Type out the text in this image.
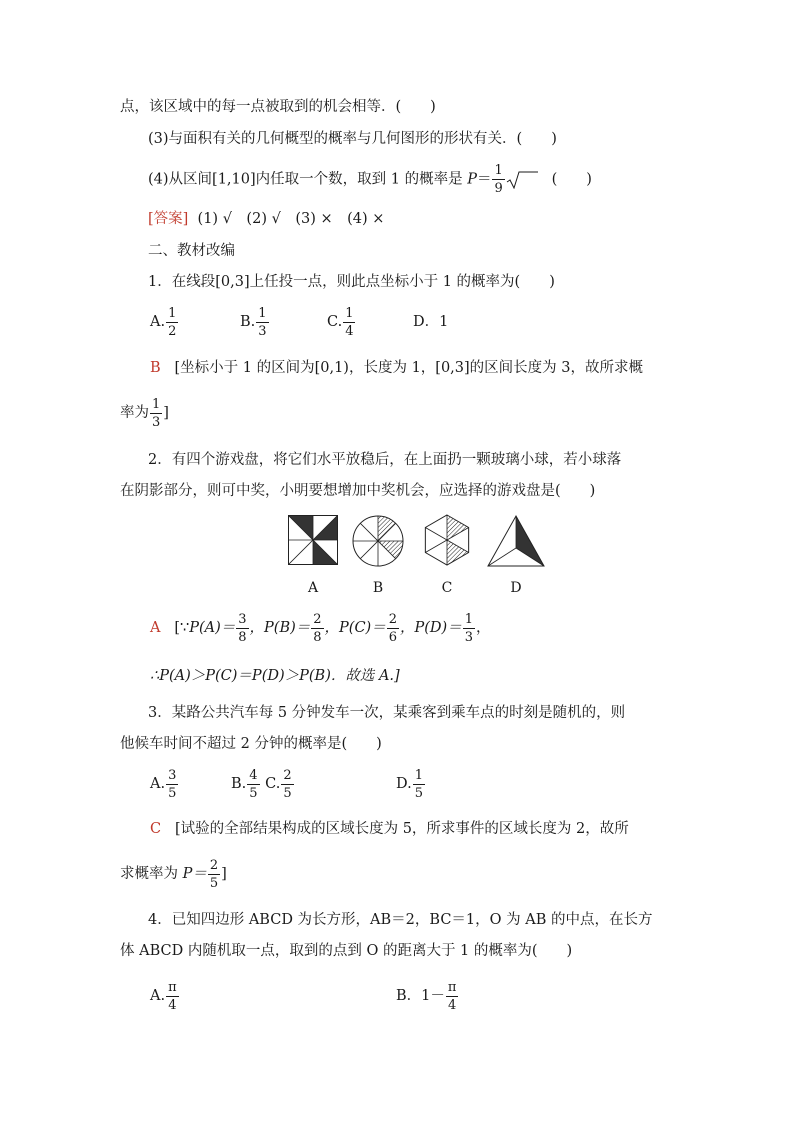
点，该区域中的每一点被取到的机会相等．(　　)
(3)与面积有关的几何概型的概率与几何图形的形状有关．(　　)
(4)从区间[1,10]内任取一个数，取到 1 的概率是 $P= \frac{1}{9}$	(　　)
[答案] (1) √　(2) √　(3) ×　(4) ×
二、教材改编
1．在线段[0,3]上任投一点，则此点坐标小于 1 的概率为(　　)
A. $\frac{1}{2}$	B. $\frac{1}{3}$	C. $\frac{1}{4}$	D．1
B [坐标小于 1 的区间为[0,1)，长度为 1，[0,3]的区间长度为 3，故所求概
率为 $\frac{1}{3}$ ]
2．有四个游戏盘，将它们水平放稳后，在上面扔一颗玻璃小球，若小球落
在阴影部分，则可中奖，小明要想增加中奖机会，应选择的游戏盘是(　　)
A	B	C	D
A [∵P(A)＝ $\frac{3}{8}$ ，$P(B)= \frac{2}{8}$ ，$P(C)= \frac{2}{6}$ ，$P(D)= \frac{1}{3}$ ，
∴P(A)＞P(C)＝P(D)＞P(B)．故选 A.]
3．某路公共汽车每 5 分钟发车一次，某乘客到乘车点的时刻是随机的，则
他候车时间不超过 2 分钟的概率是(　　)
A. $\frac{3}{5}$	B. $\frac{4}{5} C$. $\frac{2}{5}$	D. $\frac{1}{5}$
C [试验的全部结果构成的区域长度为 5，所求事件的区域长度为 2，故所
求概率为 $P= \frac{2}{5}$ ]
4．已知四边形 ABCD 为长方形，AB＝2，BC＝1，O 为 AB 的中点，在长方
体 ABCD 内随机取一点，取到的点到 O 的距离大于 1 的概率为(　　)
A. $\frac{\pi}{4}$	B．$1- \frac{\pi}{4}$
